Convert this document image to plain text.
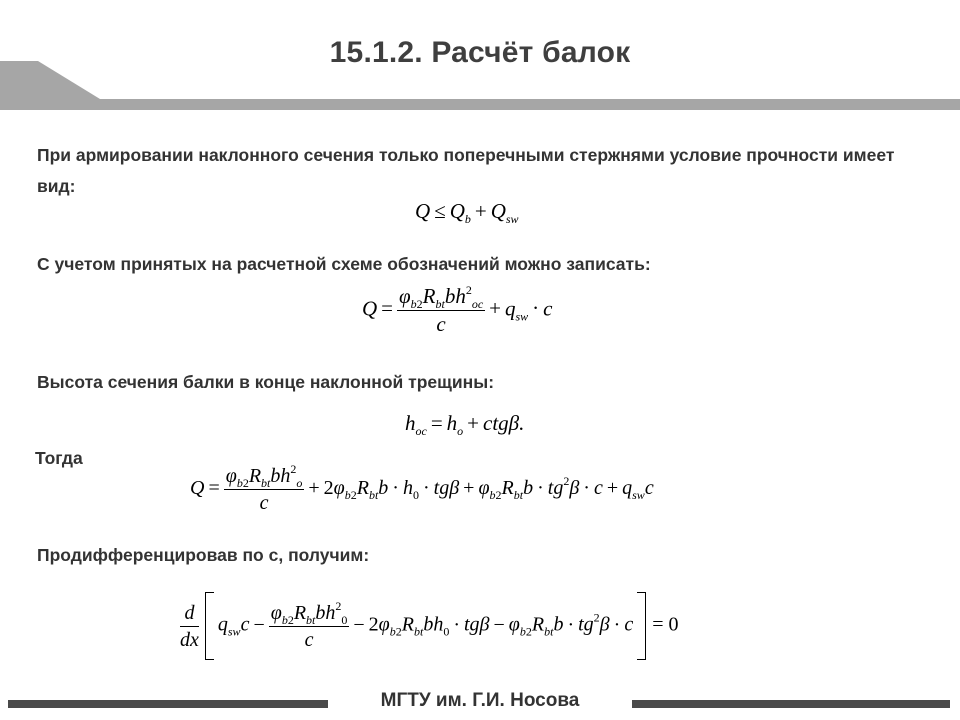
15.1.2. Расчёт балок
При армировании наклонного сечения только поперечными стержнями условие прочности имеет вид:
$Q \le Q_b + Q_{sw}$
С учетом принятых на расчетной схеме обозначений можно записать:
$Q = \frac{\varphi_{b2}R_{bt}bh^2_{oc}}{c} + q_{sw} \cdot c$
Высота сечения балки в конце наклонной трещины:
$h_{oc} = h_o + ctg\beta$.
Тогда
$Q = \frac{\varphi_{b2}R_{bt}bh^2_o}{c} + 2\varphi_{b2}R_{bt}b \cdot h_0 \cdot tg\beta + \varphi_{b2}R_{bt}b \cdot tg^2\beta \cdot c + q_{sw}c$
Продифференцировав по с, получим:
$\frac{d}{dx} q_{sw}c - \frac{\varphi_{b2}R_{bt}bh^2_0}{c} - 2\varphi_{b2}R_{bt}bh_0 \cdot tg\beta - \varphi_{b2}R_{bt}b \cdot tg^2\beta \cdot c = 0$
МГТУ им. Г.И. Носова
